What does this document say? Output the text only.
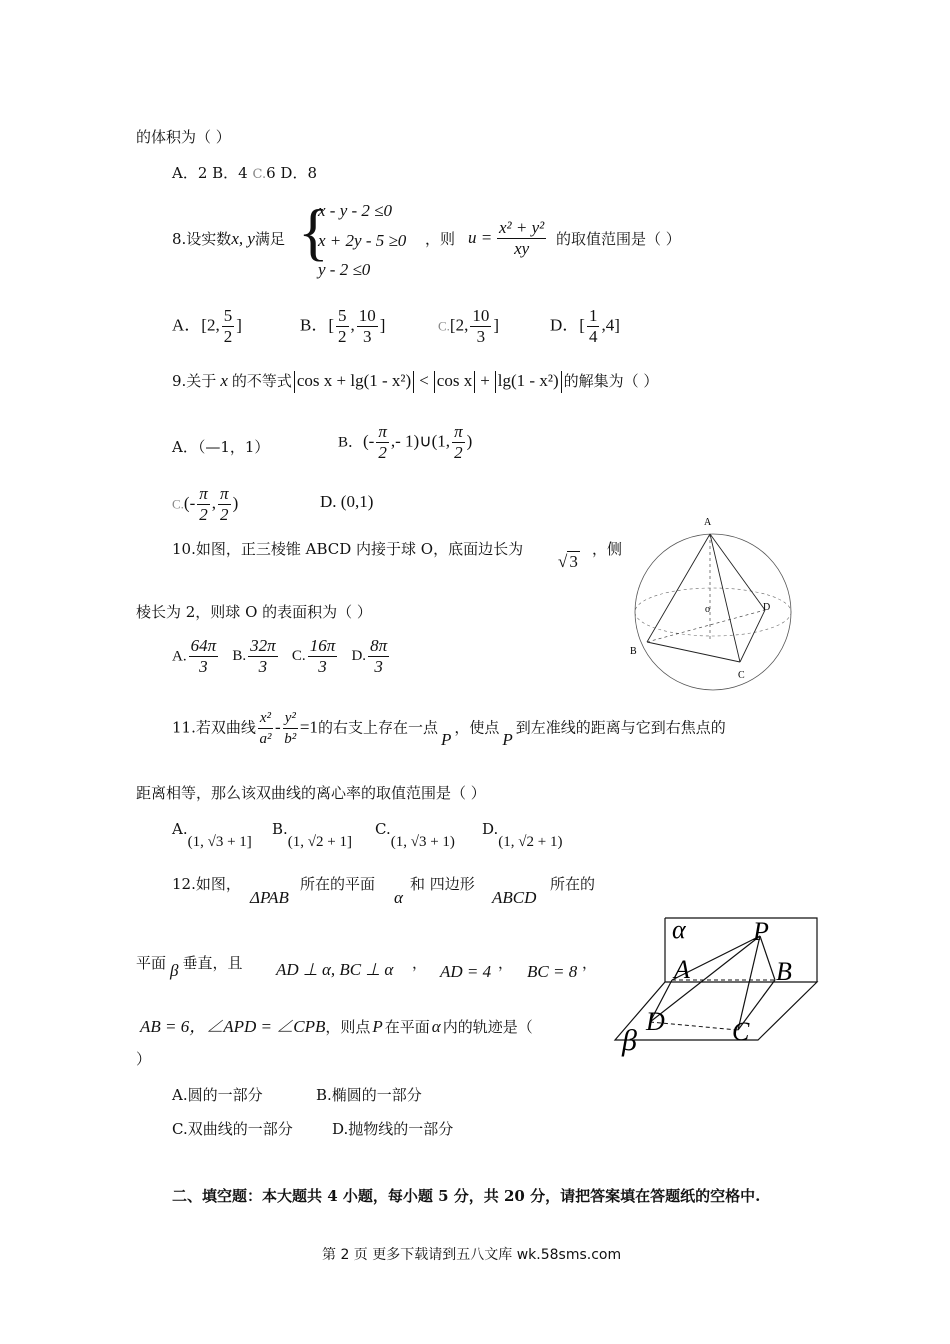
的体积为（ ）
A．2 B．4 C.6 D．8
8.设实数x, y满足 {
x - y - 2 ≤0
x + 2y - 5 ≥0
y - 2 ≤0
，则 $u = \frac{\text{x² + y²}}{xy}$ 的取值范围是（ ）
A．[2, $\frac{5}{2}$ ]	B．[ $\frac{5}{2}$ , $\frac{10}{3}$ ]	C.[2, $\frac{10}{3}$ ]	D．[ $\frac{1}{4} ,4$]
9.关于 x 的不等式 cos x + lg(1 - x²) < cos x + lg(1 - x²) 的解集为（ ）
A．（—1，1）	B．(- $\frac{\pi}{2}$ ,- 1)∪(1, $\frac{\pi}{2}$ )
$C.(- \frac{\pi}{2}$ , $\frac{\pi}{2}$ )	D. (0,1)
10.如图，正三棱锥 ABCD 内接于球 O，底面边长为
√ 3
，侧
棱长为 2，则球 O 的表面积为（ ）
A. $\frac{64\pi}{3} B$. $\frac{32\pi}{3} C$. $\frac{16\pi}{3} D$. $\frac{8\pi}{3}$
A
B
C
D
o
11.若双曲线 $\frac{\text{x²}}{\text{a²}} - \frac{\text{y²}}{\text{b²}} =1$的右支上存在一点P，使点P到左准线的距离与它到右焦点的
距离相等，那么该双曲线的离心率的取值范围是（ ）
A.(1, √3 + 1]
B.(1, √2 + 1]
C.(1, √3 + 1)
D.(1, √2 + 1)
12.如图，
ΔPAB
所在的平面
α
和 四边形
ABCD
所在的
平面 β 垂直，且 AD ⊥ α, BC ⊥ α ， AD = 4 ， BC = 8 ，
AB = 6，∠APD = ∠CPB，则点 P 在平面 α 内的轨迹是（
）
A.圆的一部分	B.椭圆的一部分
C.双曲线的一部分	D.抛物线的一部分
α	P
A	B
D	C
β
二、填空题：本大题共 4 小题，每小题 5 分，共 20 分，请把答案填在答题纸的空格中.
第 2 页 更多下载请到五八文库 wk.58sms.com
